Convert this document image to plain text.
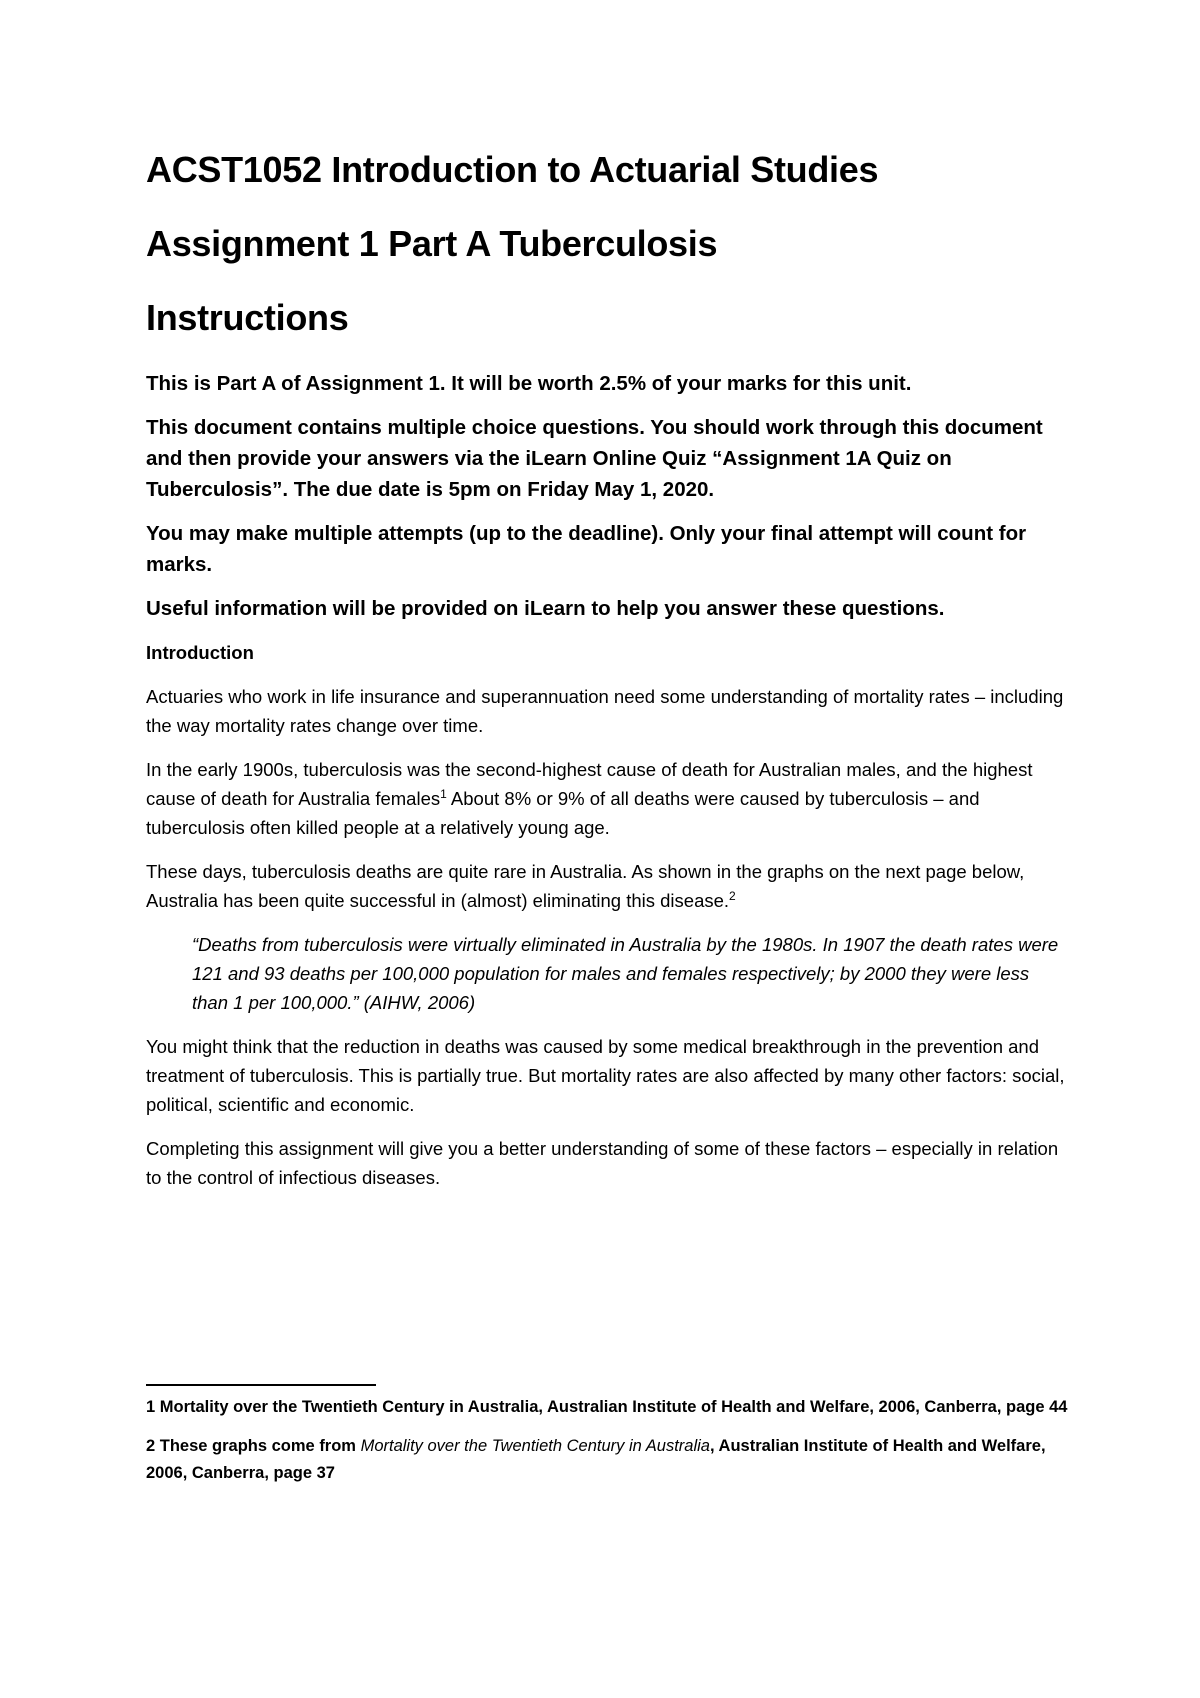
ACST1052 Introduction to Actuarial Studies
Assignment 1 Part A Tuberculosis
Instructions

This is Part A of Assignment 1. It will be worth 2.5% of your marks for this unit.

This document contains multiple choice questions. You should work through this document and then provide your answers via the iLearn Online Quiz “Assignment 1A Quiz on Tuberculosis”. The due date is 5pm on Friday May 1, 2020.

You may make multiple attempts (up to the deadline). Only your final attempt will count for marks.

Useful information will be provided on iLearn to help you answer these questions.

Introduction

Actuaries who work in life insurance and superannuation need some understanding of mortality rates – including the way mortality rates change over time.

In the early 1900s, tuberculosis was the second-highest cause of death for Australian males, and the highest cause of death for Australia females$^1$ About 8% or 9% of all deaths were caused by tuberculosis – and tuberculosis often killed people at a relatively young age.

These days, tuberculosis deaths are quite rare in Australia. As shown in the graphs on the next page below, Australia has been quite successful in (almost) eliminating this disease.$^2$

“Deaths from tuberculosis were virtually eliminated in Australia by the 1980s. In 1907 the death rates were 121 and 93 deaths per 100,000 population for males and females respectively; by 2000 they were less than 1 per 100,000.” (AIHW, 2006)

You might think that the reduction in deaths was caused by some medical breakthrough in the prevention and treatment of tuberculosis. This is partially true. But mortality rates are also affected by many other factors: social, political, scientific and economic.

Completing this assignment will give you a better understanding of some of these factors – especially in relation to the control of infectious diseases.

1 Mortality over the Twentieth Century in Australia, Australian Institute of Health and Welfare, 2006, Canberra, page 44

2 These graphs come from Mortality over the Twentieth Century in Australia, Australian Institute of Health and Welfare, 2006, Canberra, page 37
